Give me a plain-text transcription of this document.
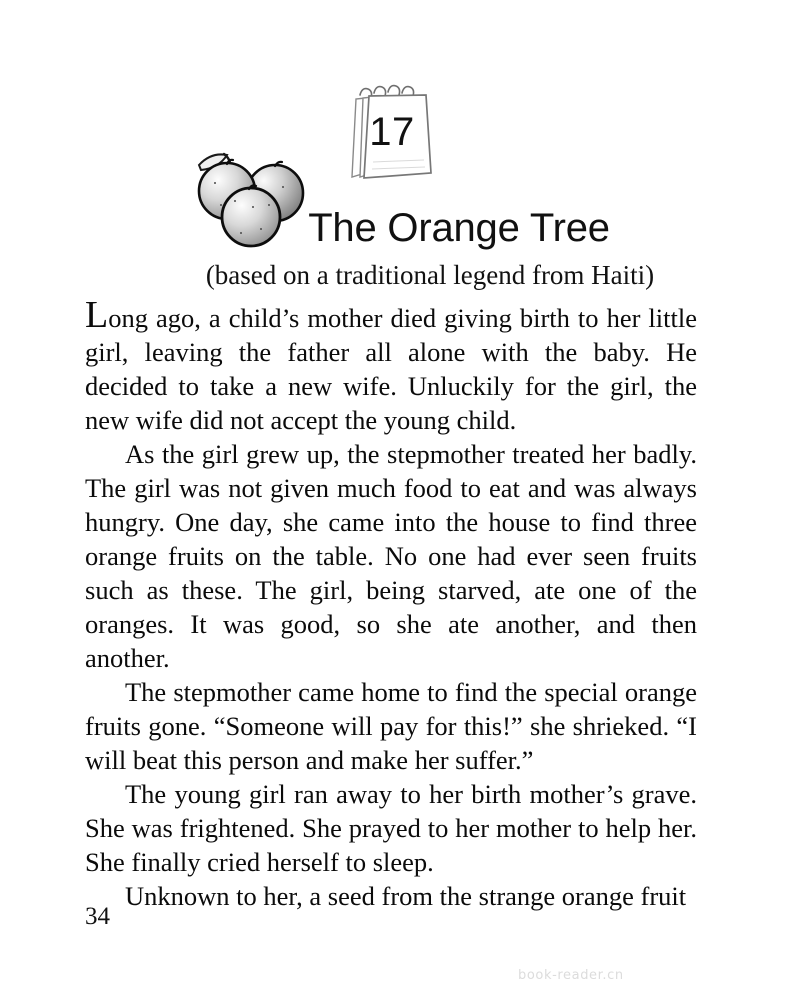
17
The Orange Tree
(based on a traditional legend from Haiti)

Long ago, a child’s mother died giving birth to her little girl, leaving the father all alone with the baby. He decided to take a new wife. Unluckily for the girl, the new wife did not accept the young child.

As the girl grew up, the stepmother treated her badly. The girl was not given much food to eat and was always hungry. One day, she came into the house to find three orange fruits on the table. No one had ever seen fruits such as these. The girl, being starved, ate one of the oranges. It was good, so she ate another, and then another.

The stepmother came home to find the special orange fruits gone. “Someone will pay for this!” she shrieked. “I will beat this person and make her suffer.”

The young girl ran away to her birth mother’s grave. She was frightened. She prayed to her mother to help her. She finally cried herself to sleep.

Unknown to her, a seed from the strange orange fruit

34
book-reader.cn
